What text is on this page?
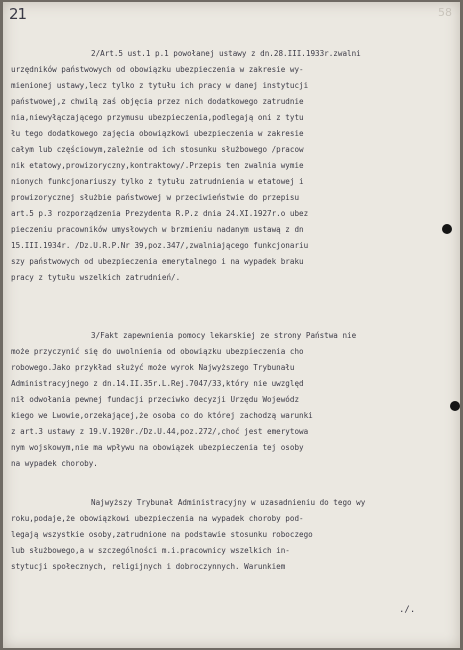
21	58
2/Art.5 ust.1 p.1 powołanej ustawy z dn.28.III.1933r.zwalni
urzędników państwowych od obowiązku ubezpieczenia w zakresie wy-
mienionej ustawy,lecz tylko z tytułu ich pracy w danej instytucji
państwowej,z chwilą zaś objęcia przez nich dodatkowego zatrudnie
nia,niewyłączającego przymusu ubezpieczenia,podlegają oni z tytu
łu tego dodatkowego zajęcia obowiązkowi ubezpieczenia w zakresie
całym lub częściowym,zależnie od ich stosunku służbowego /pracow
nik etatowy,prowizoryczny,kontraktowy/.Przepis ten zwalnia wymie
nionych funkcjonariuszy tylko z tytułu zatrudnienia w etatowej i
prowizorycznej służbie państwowej w przeciwieństwie do przepisu
art.5 p.3 rozporządzenia Prezydenta R.P.z dnia 24.XI.1927r.o ubez
pieczeniu pracowników umysłowych w brzmieniu nadanym ustawą z dn
15.III.1934r. /Dz.U.R.P.Nr 39,poz.347/,zwalniającego funkcjonariu
szy państwowych od ubezpieczenia emerytalnego i na wypadek braku
pracy z tytułu wszelkich zatrudnień/.
3/Fakt zapewnienia pomocy lekarskiej ze strony Państwa nie
może przyczynić się do uwolnienia od obowiązku ubezpieczenia cho
robowego.Jako przykład służyć może wyrok Najwyższego Trybunału
Administracyjnego z dn.14.II.35r.L.Rej.7047/33,który nie uwzględ
nił odwołania pewnej fundacji przeciwko decyzji Urzędu Wojewódz
kiego we Lwowie,orzekającej,że osoba co do której zachodzą warunki
z art.3 ustawy z 19.V.1920r./Dz.U.44,poz.272/,choć jest emerytowa
nym wojskowym,nie ma wpływu na obowiązek ubezpieczenia tej osoby
na wypadek choroby.
Najwyższy Trybunał Administracyjny w uzasadnieniu do tego wy
roku,podaje,że obowiązkowi ubezpieczenia na wypadek choroby pod-
legają wszystkie osoby,zatrudnione na podstawie stosunku roboczego
lub służbowego,a w szczególności m.i.pracownicy wszelkich in-
stytucji społecznych, religijnych i dobroczynnych. Warunkiem
./.
